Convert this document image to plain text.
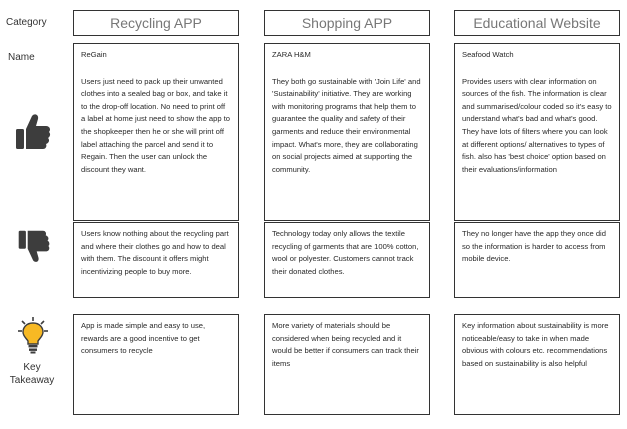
Category
Name
Key Takeaway
Recycling APP	Shopping APP	Educational Website

ReGain

Users just need to pack up their unwanted clothes into a sealed bag or box, and take it to the drop-off location. No need to print off a label at home just need to show the app to the shopkeeper then he or she will print off label attaching the parcel and send it to Regain. Then the user can unlock the discount they want.

Users know nothing about the recycling part and where their clothes go and how to deal with them. The discount it offers might incentivizing people to buy more.

App is made simple and easy to use, rewards are a good incentive to get consumers to recycle

ZARA H&M

They both go sustainable with 'Join Life' and 'Sustainability' initiative. They are working with monitoring programs that help them to guarantee the quality and safety of their garments and reduce their environmental impact. What's more, they are collaborating on social projects aimed at supporting the community.

Technology today only allows the textile recycling of garments that are 100% cotton, wool or polyester. Customers cannot track their donated clothes.

More variety of materials should be considered when being recycled and it would be better if consumers can track their items

Seafood Watch

Provides users with clear information on sources of the fish. The information is clear and summarised/colour coded so it's easy to understand what's bad and what's good. They have lots of filters where you can look at different options/ alternatives to types of fish. also has 'best choice' option based on their evaluations/information

They no longer have the app they once did so the information is harder to access from mobile device.

Key information about sustainability is more noticeable/easy to take in when made obvious with colours etc. recommendations based on sustainability is also helpful
